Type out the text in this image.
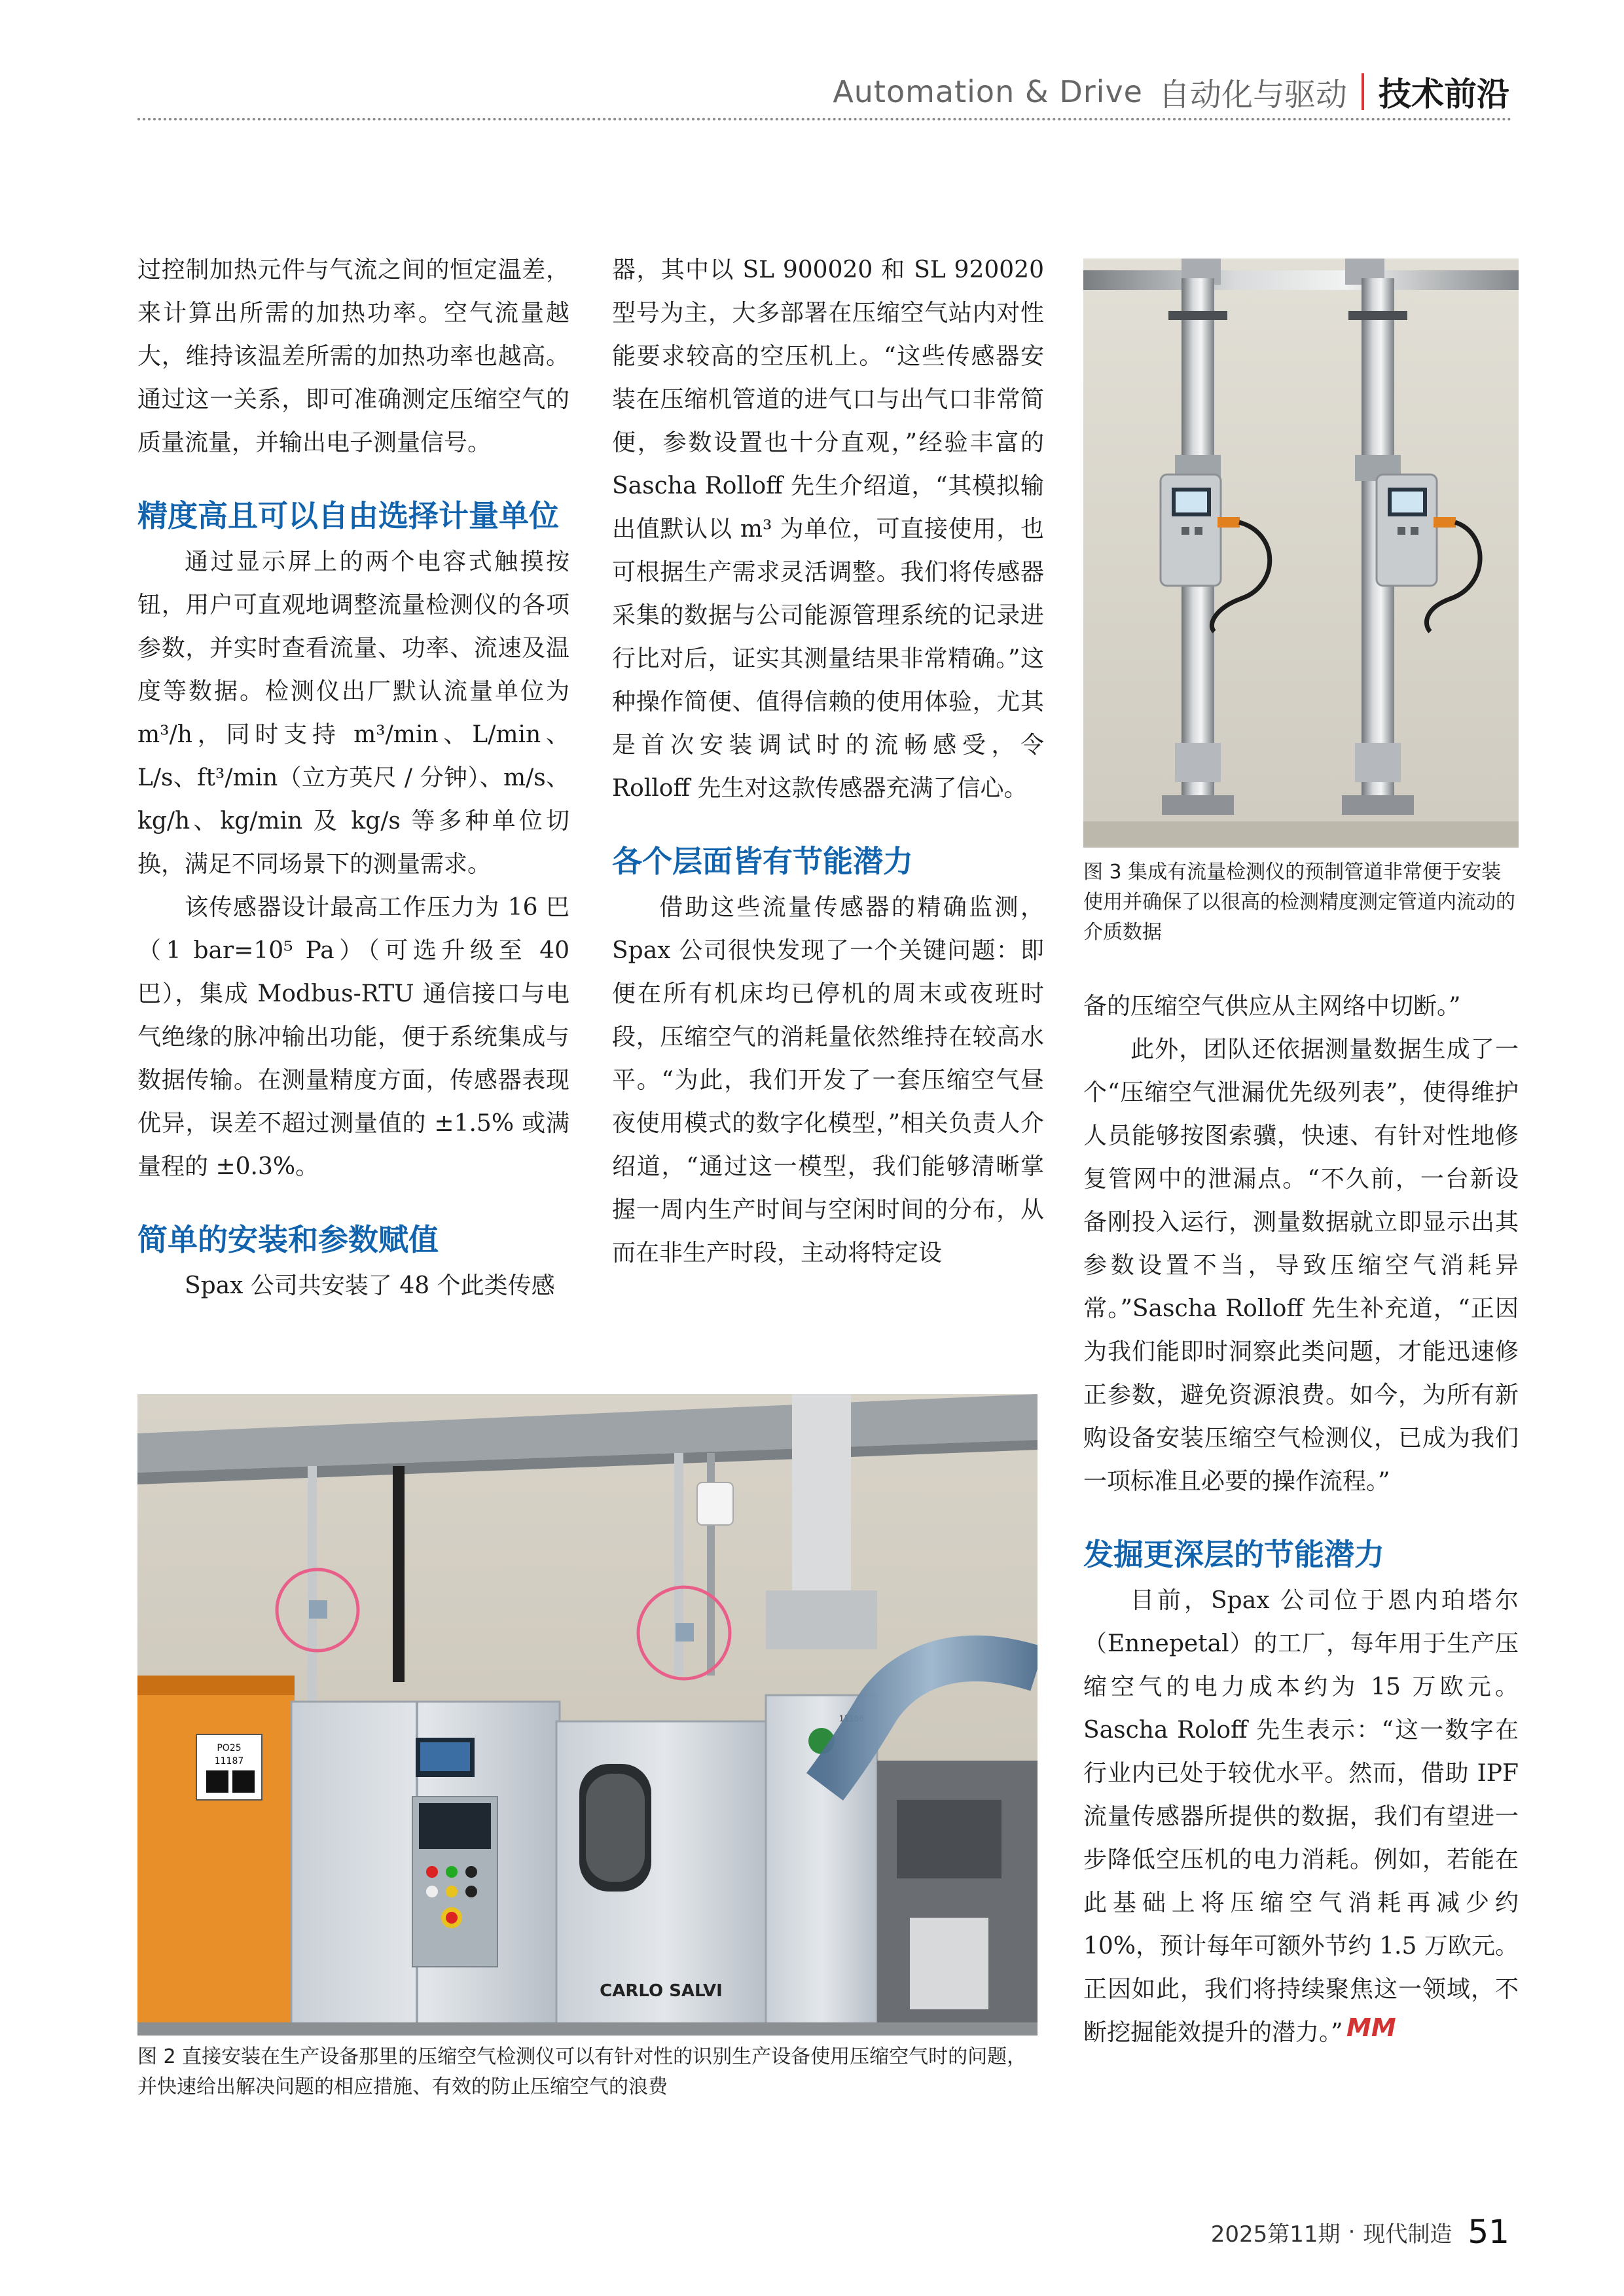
Automation & Drive 自动化与驱动 技术前沿

过控制加热元件与气流之间的恒定温差，来计算出所需的加热功率。空气流量越大，维持该温差所需的加热功率也越高。通过这一关系，即可准确测定压缩空气的质量流量，并输出电子测量信号。

精度高且可以自由选择计量单位

通过显示屏上的两个电容式触摸按钮，用户可直观地调整流量检测仪的各项参数，并实时查看流量、功率、流速及温度等数据。检测仪出厂默认流量单位为 m³/h，同时支持 m³/min、L/min、L/s、ft³/min（立方英尺 / 分钟）、m/s、kg/h、kg/min 及 kg/s 等多种单位切换，满足不同场景下的测量需求。

该传感器设计最高工作压力为 16 巴（1 bar=10⁵ Pa）（可选升级至 40 巴），集成 Modbus-RTU 通信接口与电气绝缘的脉冲输出功能，便于系统集成与数据传输。在测量精度方面，传感器表现优异，误差不超过测量值的 ±1.5% 或满量程的 ±0.3%。

简单的安装和参数赋值

Spax 公司共安装了 48 个此类传感

器，其中以 SL 900020 和 SL 920020 型号为主，大多部署在压缩空气站内对性能要求较高的空压机上。“这些传感器安装在压缩机管道的进气口与出气口非常简便，参数设置也十分直观，”经验丰富的 Sascha Rolloff 先生介绍道，“其模拟输出值默认以 m³ 为单位，可直接使用，也可根据生产需求灵活调整。我们将传感器采集的数据与公司能源管理系统的记录进行比对后，证实其测量结果非常精确。”这种操作简便、值得信赖的使用体验，尤其是首次安装调试时的流畅感受，令 Rolloff 先生对这款传感器充满了信心。

各个层面皆有节能潜力

借助这些流量传感器的精确监测，Spax 公司很快发现了一个关键问题：即便在所有机床均已停机的周末或夜班时段，压缩空气的消耗量依然维持在较高水平。“为此，我们开发了一套压缩空气昼夜使用模式的数字化模型，”相关负责人介绍道，“通过这一模型，我们能够清晰掌握一周内生产时间与空闲时间的分布，从而在非生产时段，主动将特定设

图 3 集成有流量检测仪的预制管道非常便于安装使用并确保了以很高的检测精度测定管道内流动的介质数据

备的压缩空气供应从主网络中切断。”

此外，团队还依据测量数据生成了一个“压缩空气泄漏优先级列表”，使得维护人员能够按图索骥，快速、有针对性地修复管网中的泄漏点。“不久前，一台新设备刚投入运行，测量数据就立即显示出其参数设置不当，导致压缩空气消耗异常。”Sascha Rolloff 先生补充道，“正因为我们能即时洞察此类问题，才能迅速修正参数，避免资源浪费。如今，为所有新购设备安装压缩空气检测仪，已成为我们一项标准且必要的操作流程。”

发掘更深层的节能潜力

目前，Spax 公司位于恩内珀塔尔（Ennepetal）的工厂，每年用于生产压缩空气的电力成本约为 15 万欧元。Sascha Roloff 先生表示：“这一数字在行业内已处于较优水平。然而，借助 IPF 流量传感器所提供的数据，我们有望进一步降低空压机的电力消耗。例如，若能在此基础上将压缩空气消耗再减少约 10%，预计每年可额外节约 1.5 万欧元。正因如此，我们将持续聚焦这一领域，不断挖掘能效提升的潜力。” MM

PO25
11187
CARLO SALVI
11186
图 2 直接安装在生产设备那里的压缩空气检测仪可以有针对性的识别生产设备使用压缩空气时的问题，并快速给出解决问题的相应措施、有效的防止压缩空气的浪费
2025第11期 · 现代制造 51
